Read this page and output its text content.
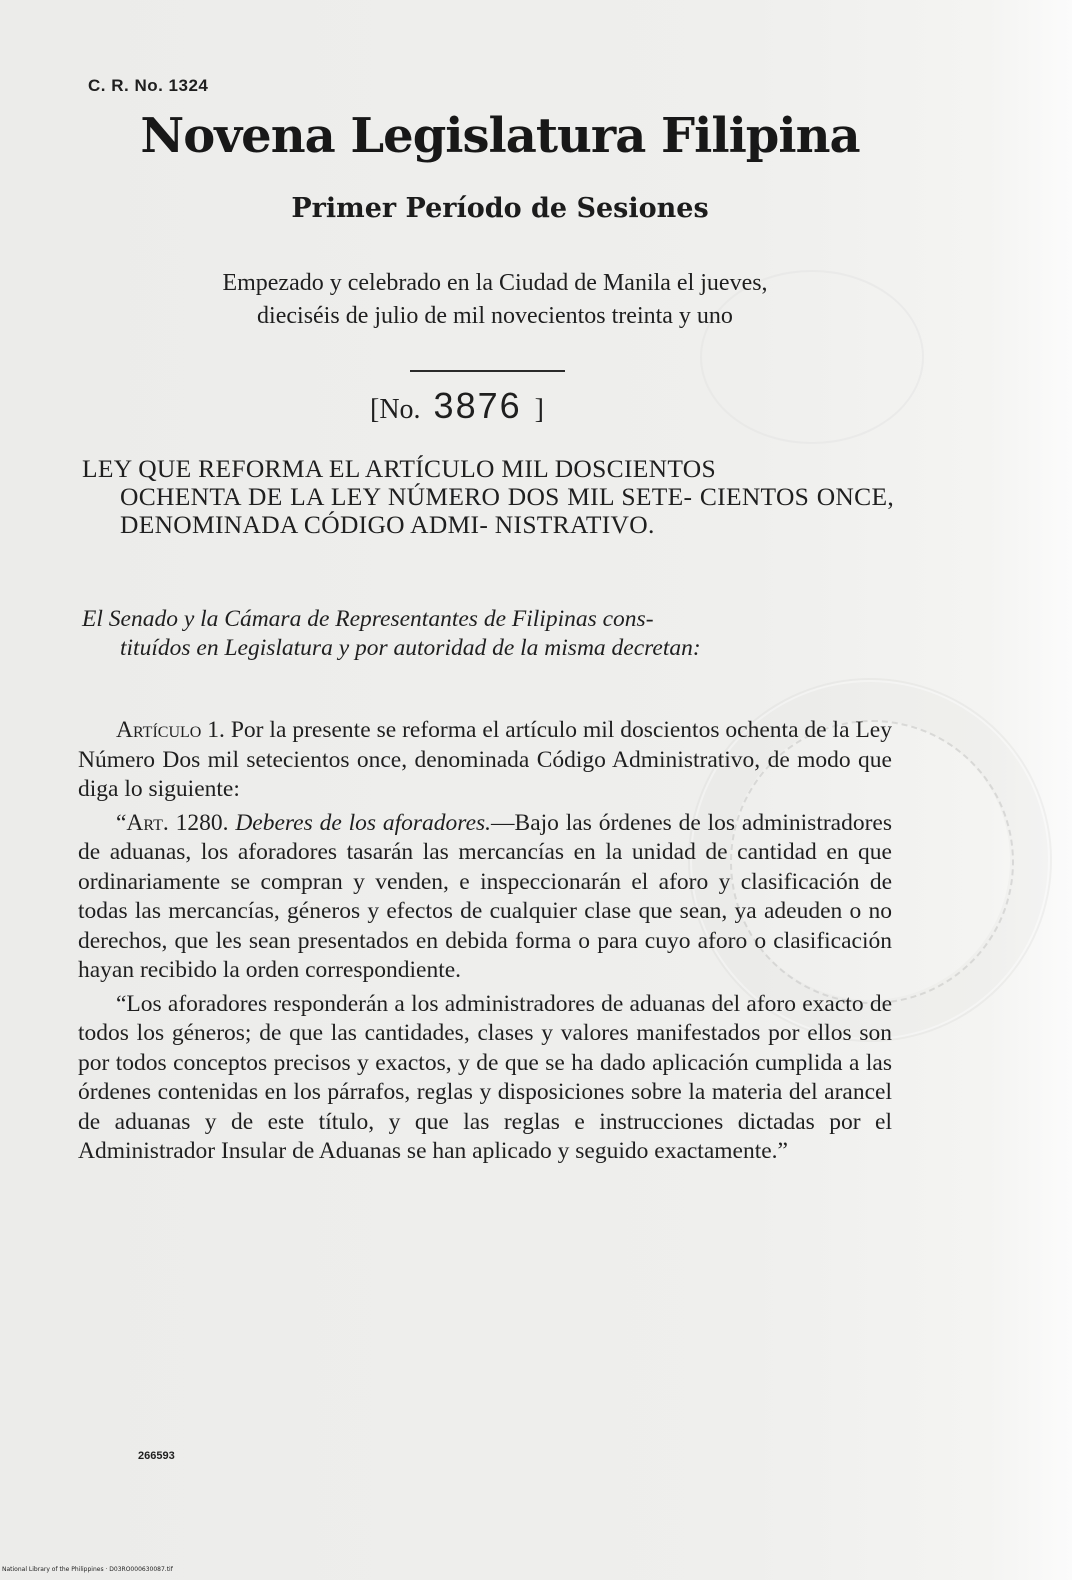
C. R. No. 1324
Novena Legislatura Filipina
Primer Período de Sesiones
Empezado y celebrado en la Ciudad de Manila el jueves,
dieciséis de julio de mil novecientos treinta y uno
[No. 3876 ]
LEY QUE REFORMA EL ARTÍCULO MIL DOSCIENTOS
OCHENTA DE LA LEY NÚMERO DOS MIL SETE- CIENTOS ONCE, DENOMINADA CÓDIGO ADMI- NISTRATIVO.
El Senado y la Cámara de Representantes de Filipinas cons-
tituídos en Legislatura y por autoridad de la misma decretan:

Artículo 1. Por la presente se reforma el artículo mil doscientos ochenta de la Ley Número Dos mil setecientos once, denominada Código Administrativo, de modo que diga lo siguiente:

“Art. 1280. Deberes de los aforadores.—Bajo las órdenes de los administradores de aduanas, los aforadores tasarán las mercancías en la unidad de cantidad en que ordinariamente se compran y venden, e inspeccionarán el aforo y clasificación de todas las mercancías, géneros y efectos de cualquier clase que sean, ya adeuden o no derechos, que les sean presentados en debida forma o para cuyo aforo o clasificación hayan recibido la orden correspondiente.

“Los aforadores responderán a los administradores de aduanas del aforo exacto de todos los géneros; de que las cantidades, clases y valores manifestados por ellos son por todos conceptos precisos y exactos, y de que se ha dado aplicación cumplida a las órdenes contenidas en los párrafos, reglas y disposiciones sobre la materia del arancel de aduanas y de este título, y que las reglas e instrucciones dictadas por el Administrador Insular de Aduanas se han aplicado y seguido exactamente.”

266593
National Library of the Philippines · D03RO000630087.tif
